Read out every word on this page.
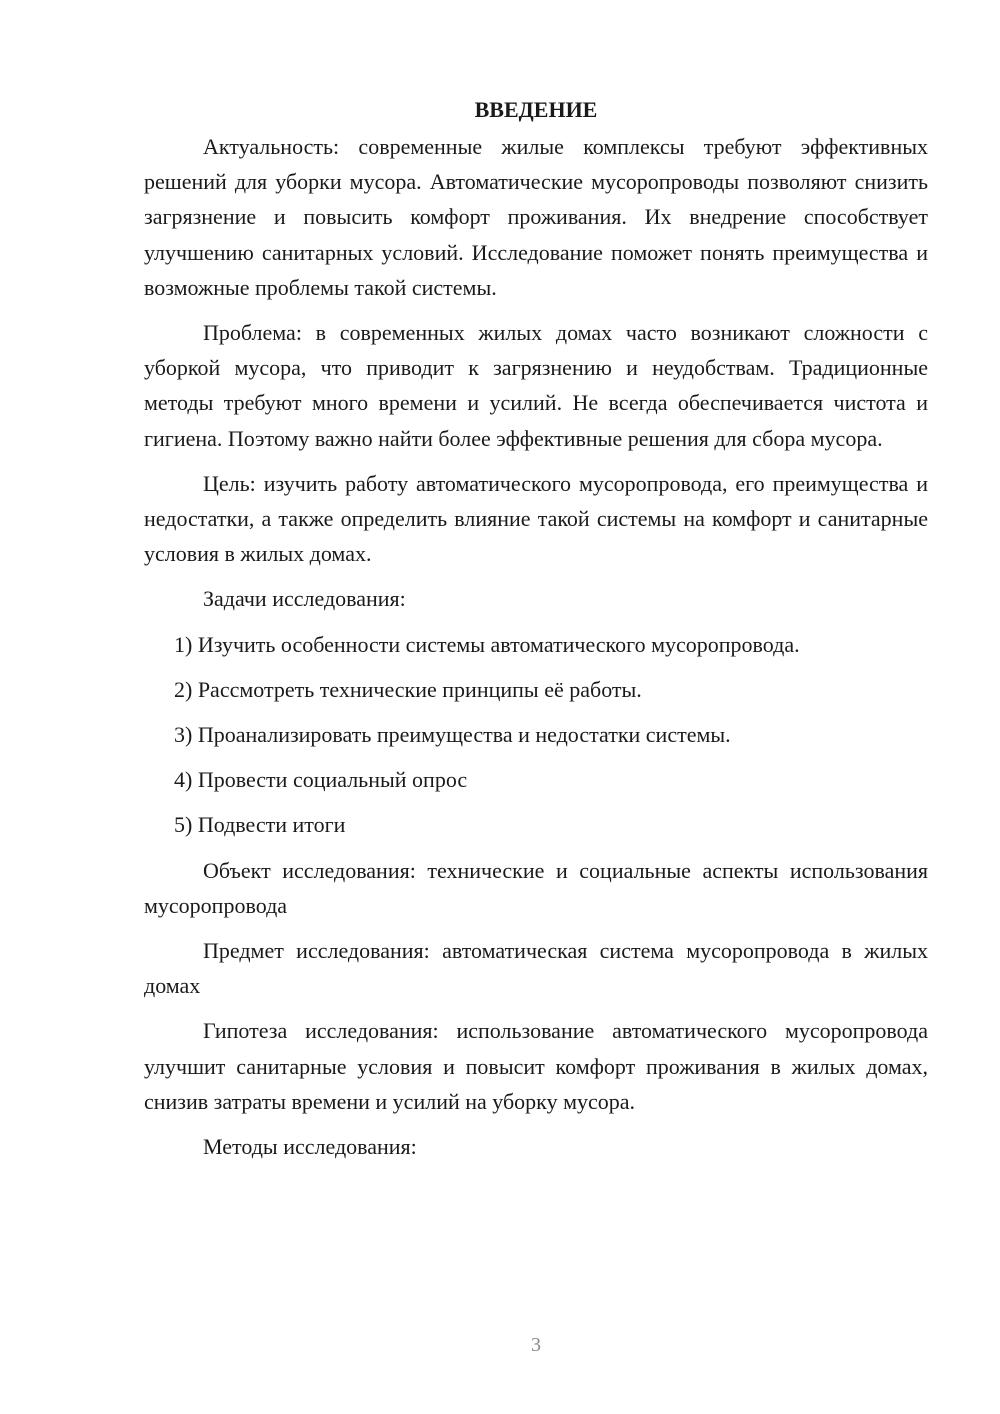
ВВЕДЕНИЕ

Актуальность: современные жилые комплексы требуют эффективных решений для уборки мусора. Автоматические мусоропроводы позволяют снизить загрязнение и повысить комфорт проживания. Их внедрение способствует улучшению санитарных условий. Исследование поможет понять преимущества и возможные проблемы такой системы.

Проблема: в современных жилых домах часто возникают сложности с уборкой мусора, что приводит к загрязнению и неудобствам. Традиционные методы требуют много времени и усилий. Не всегда обеспечивается чистота и гигиена. Поэтому важно найти более эффективные решения для сбора мусора.

Цель: изучить работу автоматического мусоропровода, его преимущества и недостатки, а также определить влияние такой системы на комфорт и санитарные условия в жилых домах.

Задачи исследования:

1) Изучить особенности системы автоматического мусоропровода.
2) Рассмотреть технические принципы её работы.
3) Проанализировать преимущества и недостатки системы.
4) Провести социальный опрос
5) Подвести итоги

Объект исследования: технические и социальные аспекты использования мусоропровода

Предмет исследования: автоматическая система мусоропровода в жилых домах

Гипотеза исследования: использование автоматического мусоропровода улучшит санитарные условия и повысит комфорт проживания в жилых домах, снизив затраты времени и усилий на уборку мусора.

Методы исследования:

3
